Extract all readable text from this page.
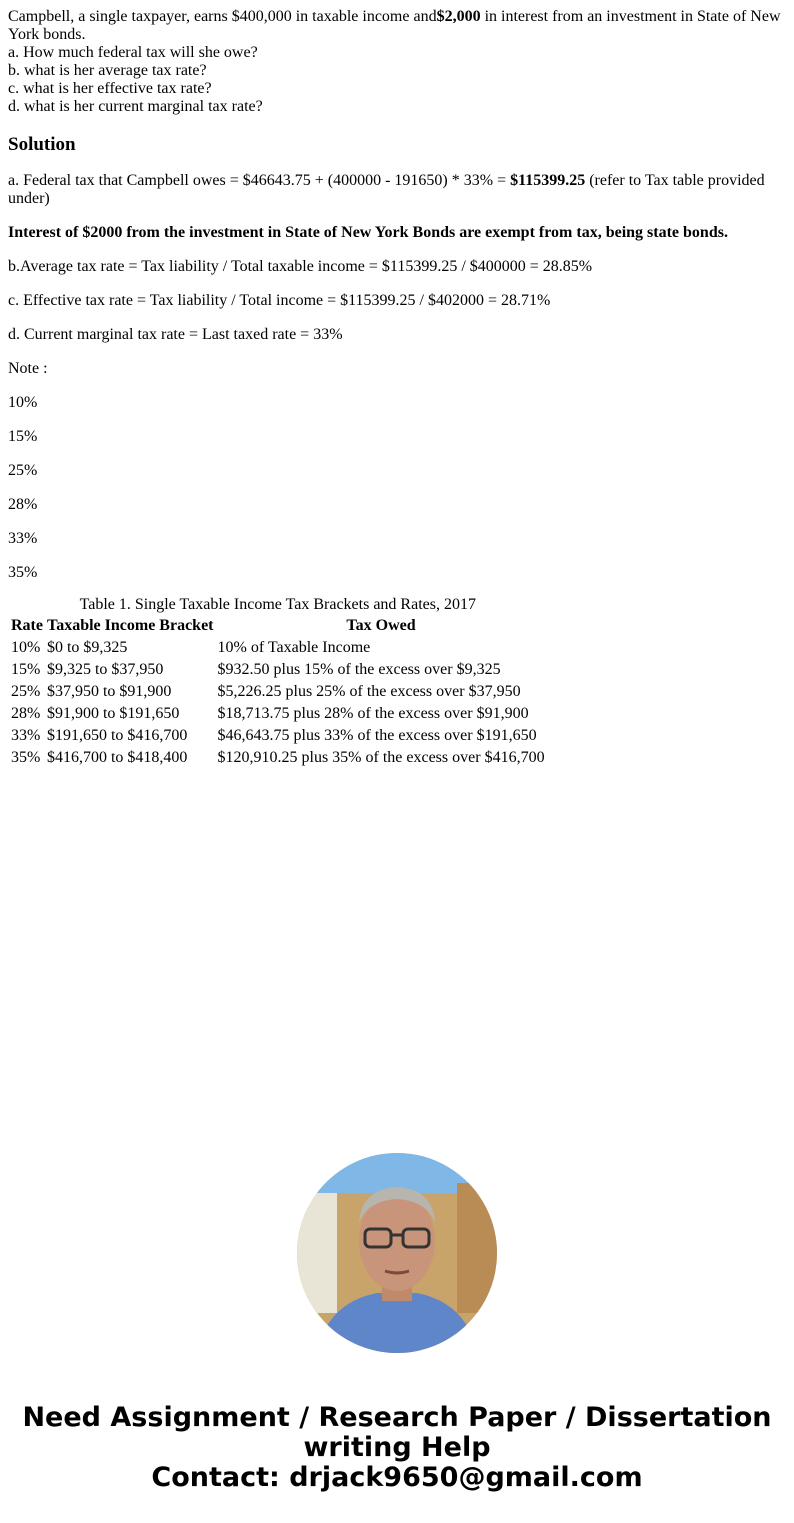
Campbell, a single taxpayer, earns $400,000 in taxable income and$2,000 in interest from an investment in State of New York bonds.
a. How much federal tax will she owe?
b. what is her average tax rate?
c. what is her effective tax rate?
d. what is her current marginal tax rate?
Solution

a. Federal tax that Campbell owes = $46643.75 + (400000 - 191650) * 33% = $115399.25 (refer to Tax table provided under)

Interest of $2000 from the investment in State of New York Bonds are exempt from tax, being state bonds.

b.Average tax rate = Tax liability / Total taxable income = $115399.25 / $400000 = 28.85%

c. Effective tax rate = Tax liability / Total income = $115399.25 / $402000 = 28.71%

d. Current marginal tax rate = Last taxed rate = 33%

Note :

10%

15%

25%

28%

33%

35%

Table 1. Single Taxable Income Tax Brackets and Rates, 2017
Rate	Taxable Income Bracket	Tax Owed
10%	$0 to $9,325	10% of Taxable Income
15%	$9,325 to $37,950	$932.50 plus 15% of the excess over $9,325
25%	$37,950 to $91,900	$5,226.25 plus 25% of the excess over $37,950
28%	$91,900 to $191,650	$18,713.75 plus 28% of the excess over $91,900
33%	$191,650 to $416,700	$46,643.75 plus 33% of the excess over $191,650
35%	$416,700 to $418,400	$120,910.25 plus 35% of the excess over $416,700
Need Assignment / Research Paper / Dissertation
writing Help
Contact: drjack9650@gmail.com
